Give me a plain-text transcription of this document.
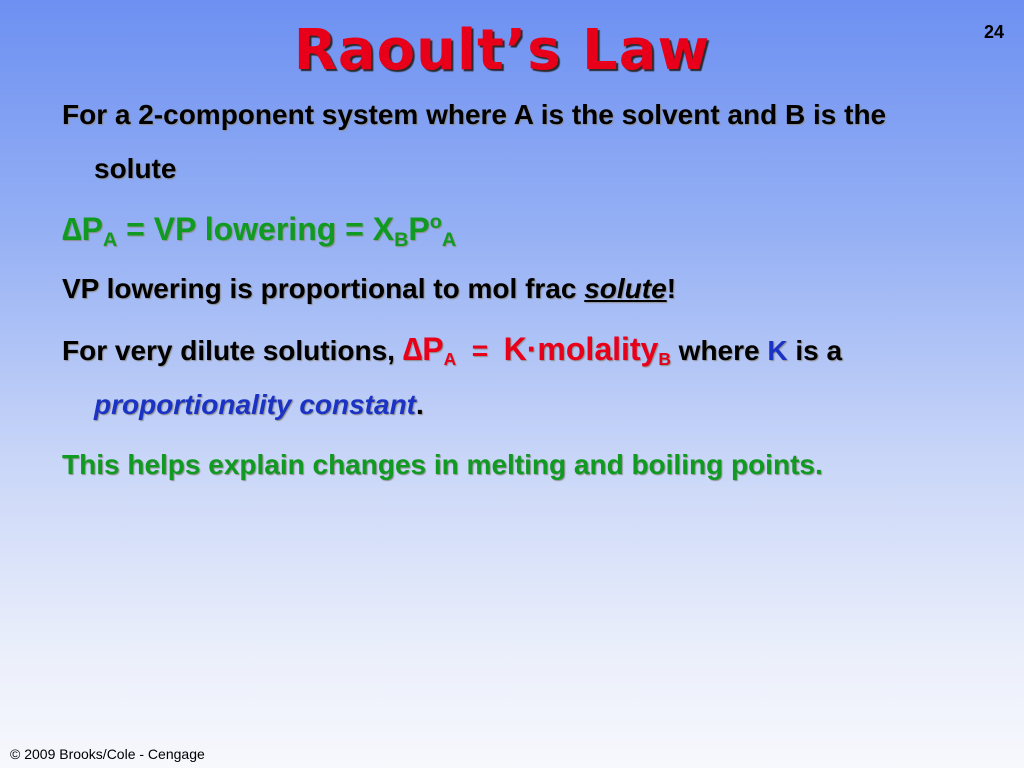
24
Raoult’s Law

For a 2-component system where A is the solvent and B is the solute

$\Delta P_A$ = VP lowering = $X_BP^o_A$

VP lowering is proportional to mol frac solute!

For very dilute solutions, $\Delta P_A$  =  K·molality$_B$ where K is a proportionality constant.

This helps explain changes in melting and boiling points.

© 2009 Brooks/Cole - Cengage
